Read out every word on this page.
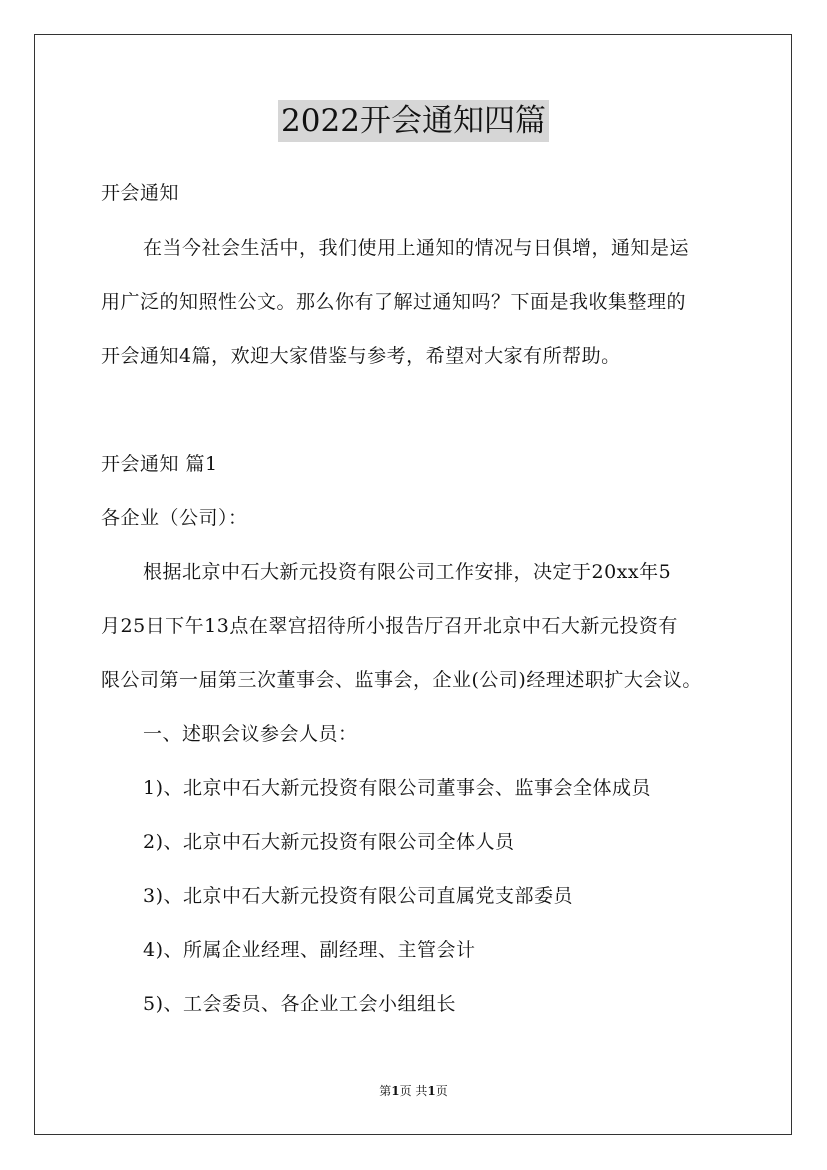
2022开会通知四篇
开会通知
在当今社会生活中，我们使用上通知的情况与日俱增，通知是运
用广泛的知照性公文。那么你有了解过通知吗？下面是我收集整理的
开会通知4篇，欢迎大家借鉴与参考，希望对大家有所帮助。
开会通知 篇1
各企业（公司）：
根据北京中石大新元投资有限公司工作安排，决定于20xx年5
月25日下午13点在翠宫招待所小报告厅召开北京中石大新元投资有
限公司第一届第三次董事会、监事会，企业(公司)经理述职扩大会议。
一、述职会议参会人员：
1)、北京中石大新元投资有限公司董事会、监事会全体成员
2)、北京中石大新元投资有限公司全体人员
3)、北京中石大新元投资有限公司直属党支部委员
4)、所属企业经理、副经理、主管会计
5)、工会委员、各企业工会小组组长
第1页 共1页
